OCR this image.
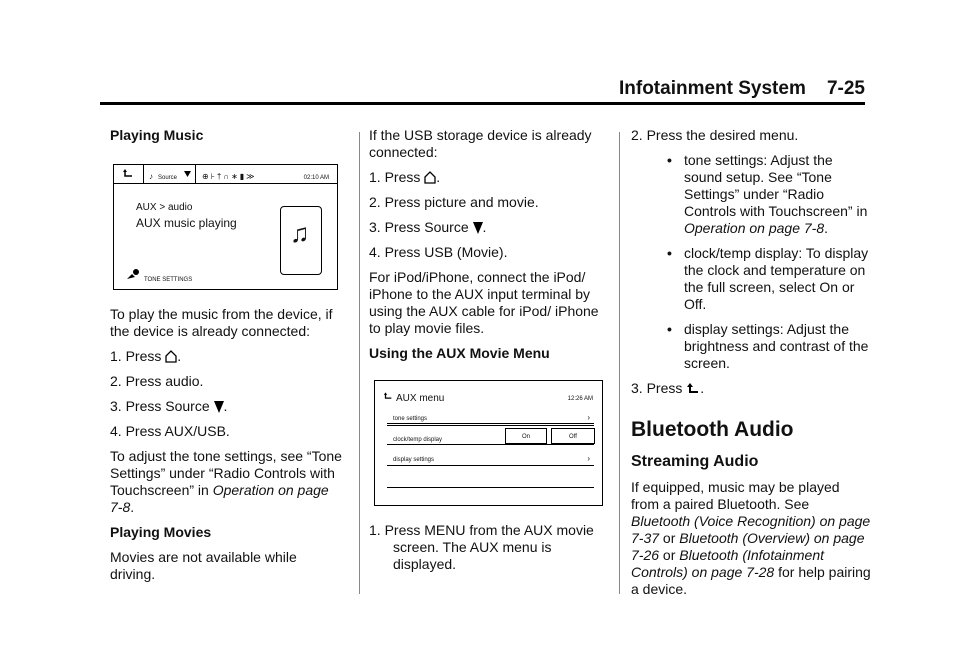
Infotainment System    7-25

Playing Music

♪ Source	⊕⊦†∩∗▮≫	02:10 AM
AUX > audio
AUX music playing ♫
TONE SETTINGS

To play the music from the device, if the device is already connected:

1. Press .

2. Press audio.

3. Press Source .

4. Press AUX/USB.

To adjust the tone settings, see “Tone Settings” under “Radio Controls with Touchscreen” in Operation on page 7-8.

Playing Movies

Movies are not available while driving.

If the USB storage device is already connected:

1. Press .

2. Press picture and movie.

3. Press Source .

4. Press USB (Movie).

For iPod/iPhone, connect the iPod/ iPhone to the AUX input terminal by using the AUX cable for iPod/ iPhone to play movie files.

Using the AUX Movie Menu

AUX menu	12:26 AM
tone settings	›
clock/temp display	On	Off
display settings	›

1. Press MENU from the AUX movie screen. The AUX menu is displayed.

2. Press the desired menu.

• tone settings: Adjust the sound setup. See “Tone Settings” under “Radio Controls with Touchscreen” in Operation on page 7-8.

• clock/temp display: To display the clock and temperature on the full screen, select On or Off.

• display settings: Adjust the brightness and contrast of the screen.

3. Press .

Bluetooth Audio
Streaming Audio

If equipped, music may be played from a paired Bluetooth. See Bluetooth (Voice Recognition) on page 7-37 or Bluetooth (Overview) on page 7-26 or Bluetooth (Infotainment Controls) on page 7-28 for help pairing a device.
